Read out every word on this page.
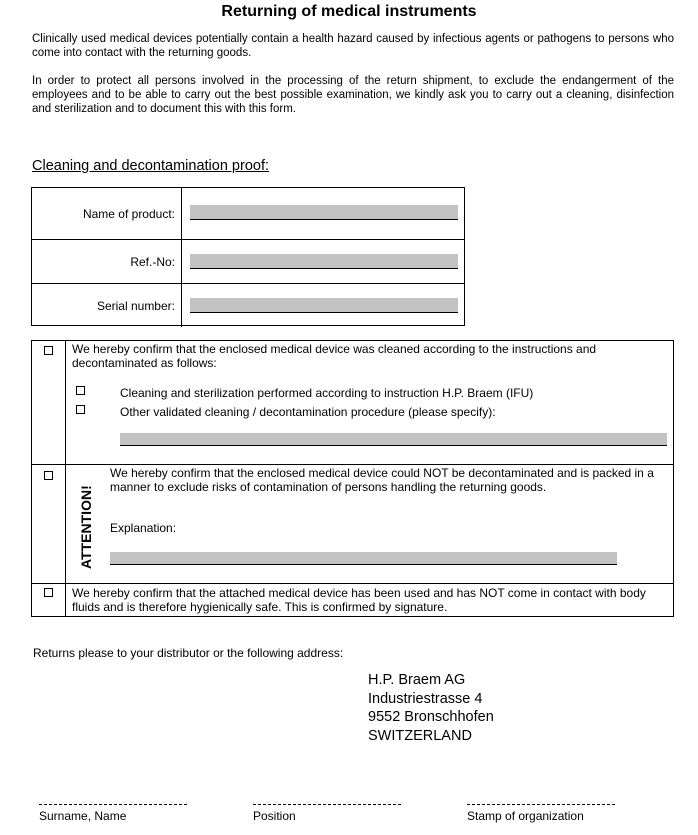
Returning of medical instruments
Clinically used medical devices potentially contain a health hazard caused by infectious agents or pathogens to persons who come into contact with the returning goods.
In order to protect all persons involved in the processing of the return shipment, to exclude the endangerment of the employees and to be able to carry out the best possible examination, we kindly ask you to carry out a cleaning, disinfection and sterilization and to document this with this form.
Cleaning and decontamination proof:
Name of product:
Ref.-No:
Serial number:
We hereby confirm that the enclosed medical device was cleaned according to the instructions and decontaminated as follows:
Cleaning and sterilization performed according to instruction H.P. Braem (IFU)
Other validated cleaning / decontamination procedure (please specify):
ATTENTION!
We hereby confirm that the enclosed medical device could NOT be decontaminated and is packed in a manner to exclude risks of contamination of persons handling the returning goods.
Explanation:
We hereby confirm that the attached medical device has been used and has NOT come in contact with body fluids and is therefore hygienically safe. This is confirmed by signature.
Returns please to your distributor or the following address:
H.P. Braem AG
Industriestrasse 4
9552 Bronschhofen
SWITZERLAND
Surname, Name	Position	Stamp of organization
